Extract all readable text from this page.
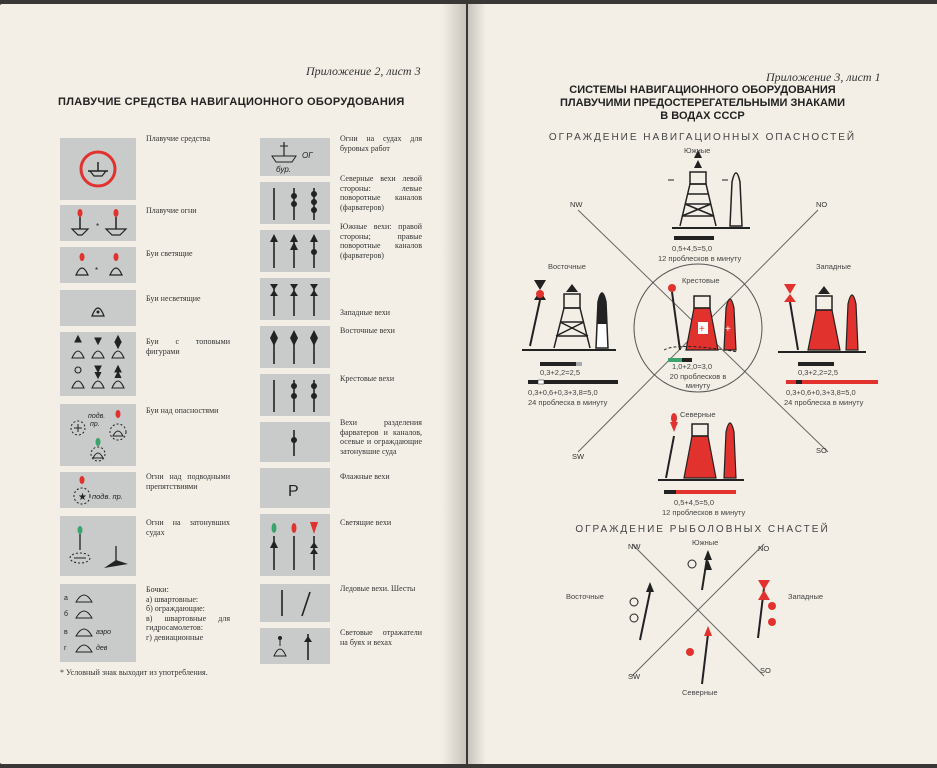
Приложение 2, лист 3
ПЛАВУЧИЕ СРЕДСТВА НАВИГАЦИОННОГО ОБОРУДОВАНИЯ
Плавучие средства
*
Плавучие огни
*
Буи светящие
Буи несветящие
Буи с топовыми фигурами
подв.
пр.
Буи над опасностями
★ подв. пр.
Огни над подводными препятствиями
Огни на затонувших судах
а
б
в
г
аэро
дев
Бочки:
а) швартовные:
б) ограждающие:
в) швартовные для гидросамолетов:
г) девиационные
ОГ
бур.
Огни на судах для буровых работ
Северные вехи левой стороны: левые поворотные каналов (фарватеров)
Южные вехи: правой стороны; правые поворотные каналов (фарватеров)
Западные вехи
Восточные вехи
Крестовые вехи
Вехи разделения фарватеров и каналов, осевые и ограждающие затонувшие суда
P
Флажные вехи
Светящие вехи
Ледовые вехи. Шесты
Световые отражатели на буях и вехах
* Условный знак выходит из употребления.
Приложение 3, лист 1
СИСТЕМЫ НАВИГАЦИОННОГО ОБОРУДОВАНИЯ
ПЛАВУЧИМИ ПРЕДОСТЕРЕГАТЕЛЬНЫМИ ЗНАКАМИ
В ВОДАХ СССР
ОГРАЖДЕНИЕ НАВИГАЦИОННЫХ ОПАСНОСТЕЙ
+ +
NW	NO
SW
SO
Южные
0,5+4,5=5,0
12 проблесков в минуту
Восточные
0,3+2,2=2,5
0,3+0,6+0,3+3,8=5,0
24 проблеска в минуту
Крестовые
1,0+2,0=3,0
20 проблесков в минуту
Западные
0,3+2,2=2,5
0,3+0,6+0,3+3,8=5,0
24 проблеска в минуту
Северные
0,5+4,5=5,0
12 проблесков в минуту
ОГРАЖДЕНИЕ РЫБОЛОВНЫХ СНАСТЕЙ
NW	NO
SW
SO
Южные
Восточные	Западные
Северные
